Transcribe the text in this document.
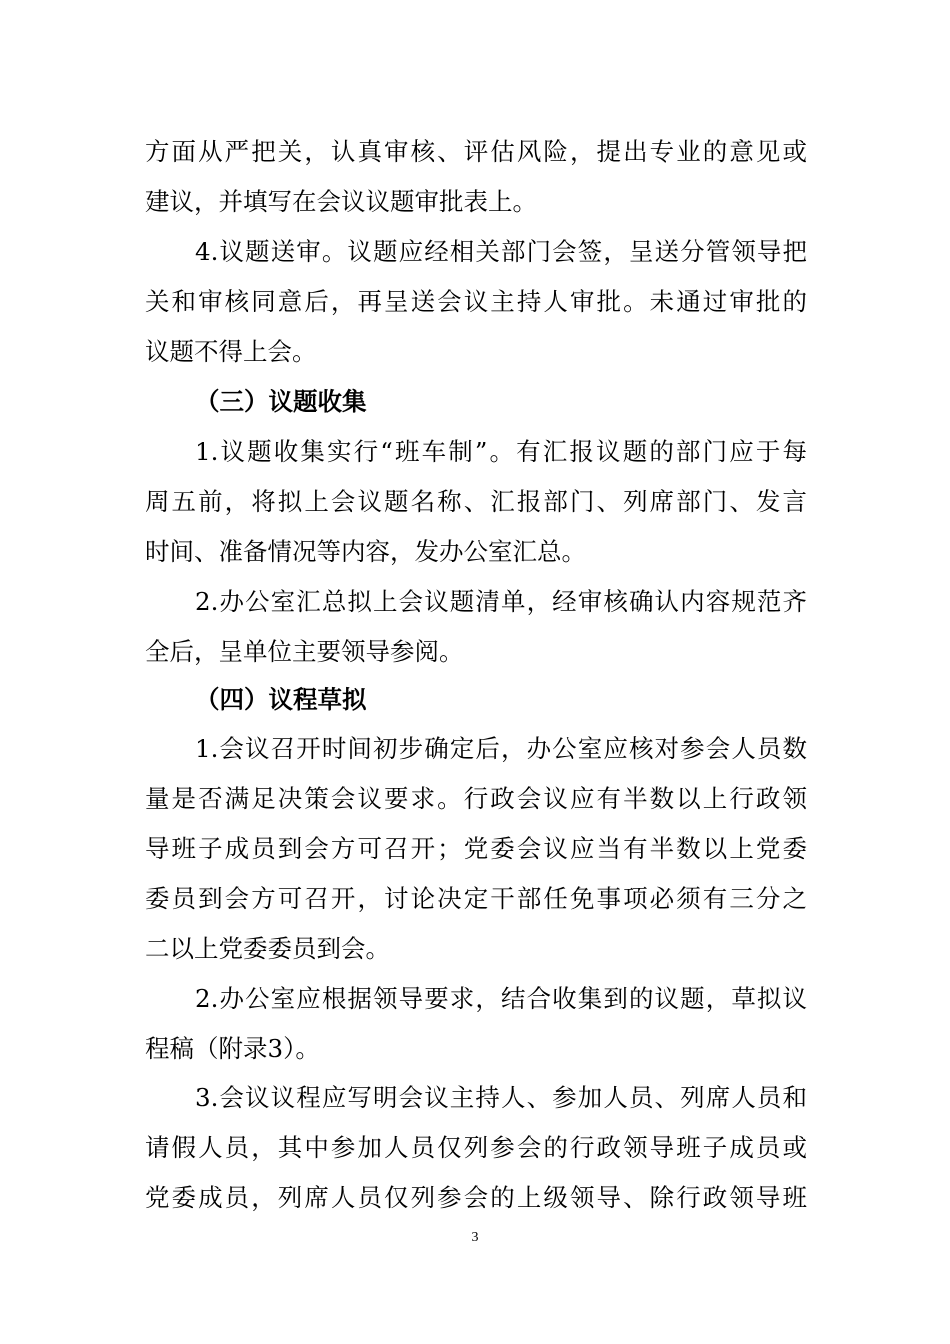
方面从严把关，认真审核、评估风险，提出专业的意见或
建议，并填写在会议议题审批表上。
4.议题送审。议题应经相关部门会签，呈送分管领导把
关和审核同意后，再呈送会议主持人审批。未通过审批的
议题不得上会。
（三）议题收集
1.议题收集实行“班车制”。有汇报议题的部门应于每
周五前，将拟上会议题名称、汇报部门、列席部门、发言
时间、准备情况等内容，发办公室汇总。
2.办公室汇总拟上会议题清单，经审核确认内容规范齐
全后，呈单位主要领导参阅。
（四）议程草拟
1.会议召开时间初步确定后，办公室应核对参会人员数
量是否满足决策会议要求。行政会议应有半数以上行政领
导班子成员到会方可召开；党委会议应当有半数以上党委
委员到会方可召开，讨论决定干部任免事项必须有三分之
二以上党委委员到会。
2.办公室应根据领导要求，结合收集到的议题，草拟议
程稿（附录3）。
3.会议议程应写明会议主持人、参加人员、列席人员和
请假人员，其中参加人员仅列参会的行政领导班子成员或
党委成员，列席人员仅列参会的上级领导、除行政领导班
3
